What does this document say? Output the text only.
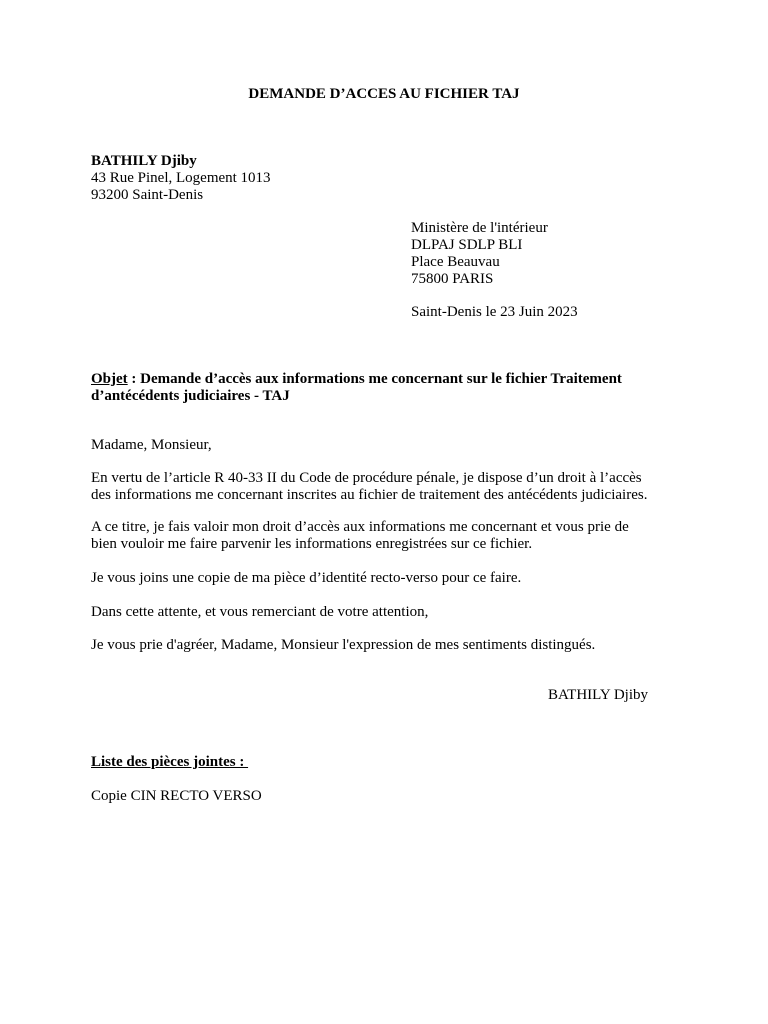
DEMANDE D’ACCES AU FICHIER TAJ

BATHILY Djiby
43 Rue Pinel, Logement 1013
93200 Saint-Denis
Ministère de l'intérieur
DLPAJ SDLP BLI
Place Beauvau
75800 PARIS

Saint-Denis le 23 Juin 2023

Objet : Demande d’accès aux informations me concernant sur le fichier Traitement
d’antécédents judiciaires - TAJ

Madame, Monsieur,

En vertu de l’article R 40-33 II du Code de procédure pénale, je dispose d’un droit à l’accès
des informations me concernant inscrites au fichier de traitement des antécédents judiciaires.
A ce titre, je fais valoir mon droit d’accès aux informations me concernant et vous prie de
bien vouloir me faire parvenir les informations enregistrées sur ce fichier.

Je vous joins une copie de ma pièce d’identité recto-verso pour ce faire.

Dans cette attente, et vous remerciant de votre attention,

Je vous prie d'agréer, Madame, Monsieur l'expression de mes sentiments distingués.

BATHILY Djiby

Liste des pièces jointes :

Copie CIN RECTO VERSO
